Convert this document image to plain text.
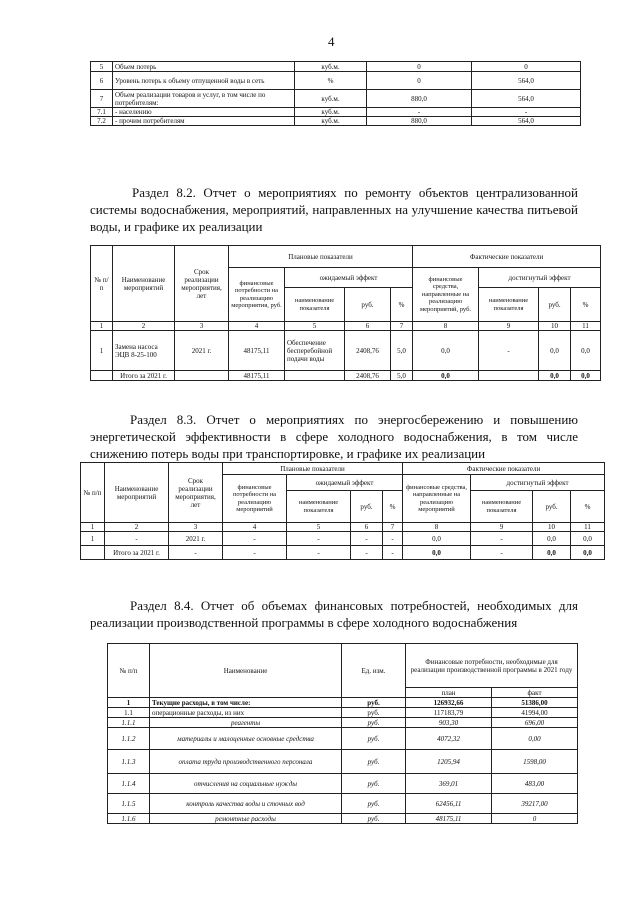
4
5	Объем потерь	куб.м.	0	0
6	Уровень потерь к объему отпущенной воды в сеть	%	0	564,0
7	Объем реализации товаров и услуг, в том числе по потребителям:	куб.м.	880,0	564,0
7.1	- населению	куб.м.	-	-
7.2	- прочим потребителям	куб.м.	880,0	564,0
Раздел 8.2. Отчет о мероприятиях по ремонту объектов централизованной системы водоснабжения, мероприятий, направленных на улучшение качества питьевой воды, и графике их реализации
№ п/п	Наименование мероприятий	Срок реализации мероприятия, лет	Плановые показатели				Фактические показатели			
			финансовые потребности на реализацию мероприятия, руб.	ожидаемый эффект			финансовые средства, направленные на реализацию мероприятий, руб.	достигнутый эффект		
				наименование показателя	руб.	%		наименование показателя	руб.	%
1	2	3	4	5	6	7	8	9	10	11
1	Замена насоса ЭЦВ 8-25-100	2021 г.	48175,11	Обеспечение бесперебойной подачи воды	2408,76	5,0	0,0	-	0,0	0,0
	Итого за 2021 г.		48175,11		2408,76	5,0	0,0		0,0	0,0
Раздел 8.3. Отчет о мероприятиях по энергосбережению и повышению энергетической эффективности в сфере холодного водоснабжения, в том числе снижению потерь воды при транспортировке, и графике их реализации
№ п/п	Наименование мероприятий	Срок реализации мероприятия, лет	Плановые показатели				Фактические показатели			
			финансовые потребности на реализацию мероприятий	ожидаемый эффект			финансовые средства, направленные на реализацию мероприятий	достигнутый эффект		
				наименование показателя	руб.	%		наименование показателя	руб.	%
1	2	3	4	5	6	7	8	9	10	11
1	-	2021 г.	-	-	-	-	0,0	-	0,0	0,0
	Итого за 2021 г.	-	-	-	-	-	0,0	-	0,0	0,0
Раздел 8.4. Отчет об объемах финансовых потребностей, необходимых для реализации производственной программы в сфере холодного водоснабжения
№ п/п	Наименование	Ед. изм.	Финансовые потребности, необходимые для реализации производственной программы в 2021 году	
			план	факт
1	Текущие расходы, в том числе:	руб.	126932,66	51386,00
1.1	операционные расходы, из них	руб.	117183,79	41994,00
1.1.1	реагенты	руб.	903,30	696,00
1.1.2	материалы и малоценные основные средства	руб.	4072,32	0,00
1.1.3	оплата труда производственного персонала	руб.	1205,94	1598,00
1.1.4	отчисления на социальные нужды	руб.	369,01	483,00
1.1.5	контроль качества воды и сточных вод	руб.	62456,11	39217,00
1.1.6	ремонтные расходы	руб.	48175,11	0
